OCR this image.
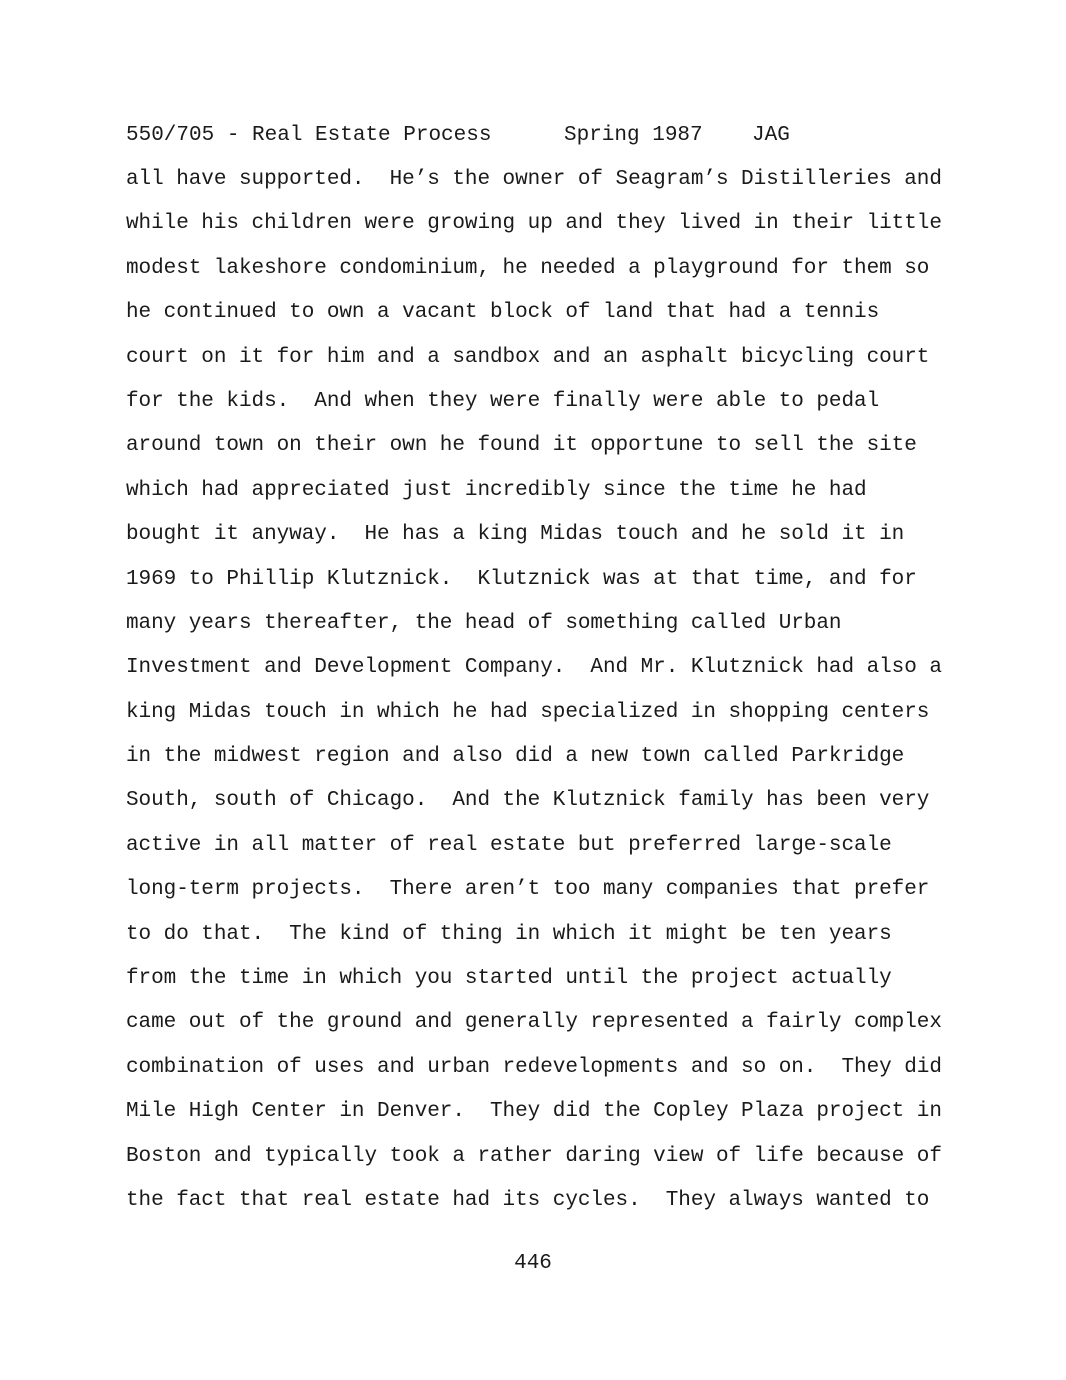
550/705 - Real Estate Process	Spring 1987 JAG
all have supported.  He’s the owner of Seagram’s Distilleries and
while his children were growing up and they lived in their little
modest lakeshore condominium, he needed a playground for them so
he continued to own a vacant block of land that had a tennis
court on it for him and a sandbox and an asphalt bicycling court
for the kids.  And when they were finally were able to pedal
around town on their own he found it opportune to sell the site
which had appreciated just incredibly since the time he had
bought it anyway.  He has a king Midas touch and he sold it in
1969 to Phillip Klutznick.  Klutznick was at that time, and for
many years thereafter, the head of something called Urban
Investment and Development Company.  And Mr. Klutznick had also a
king Midas touch in which he had specialized in shopping centers
in the midwest region and also did a new town called Parkridge
South, south of Chicago.  And the Klutznick family has been very
active in all matter of real estate but preferred large-scale
long-term projects.  There aren’t too many companies that prefer
to do that.  The kind of thing in which it might be ten years
from the time in which you started until the project actually
came out of the ground and generally represented a fairly complex
combination of uses and urban redevelopments and so on.  They did
Mile High Center in Denver.  They did the Copley Plaza project in
Boston and typically took a rather daring view of life because of
the fact that real estate had its cycles.  They always wanted to
446
